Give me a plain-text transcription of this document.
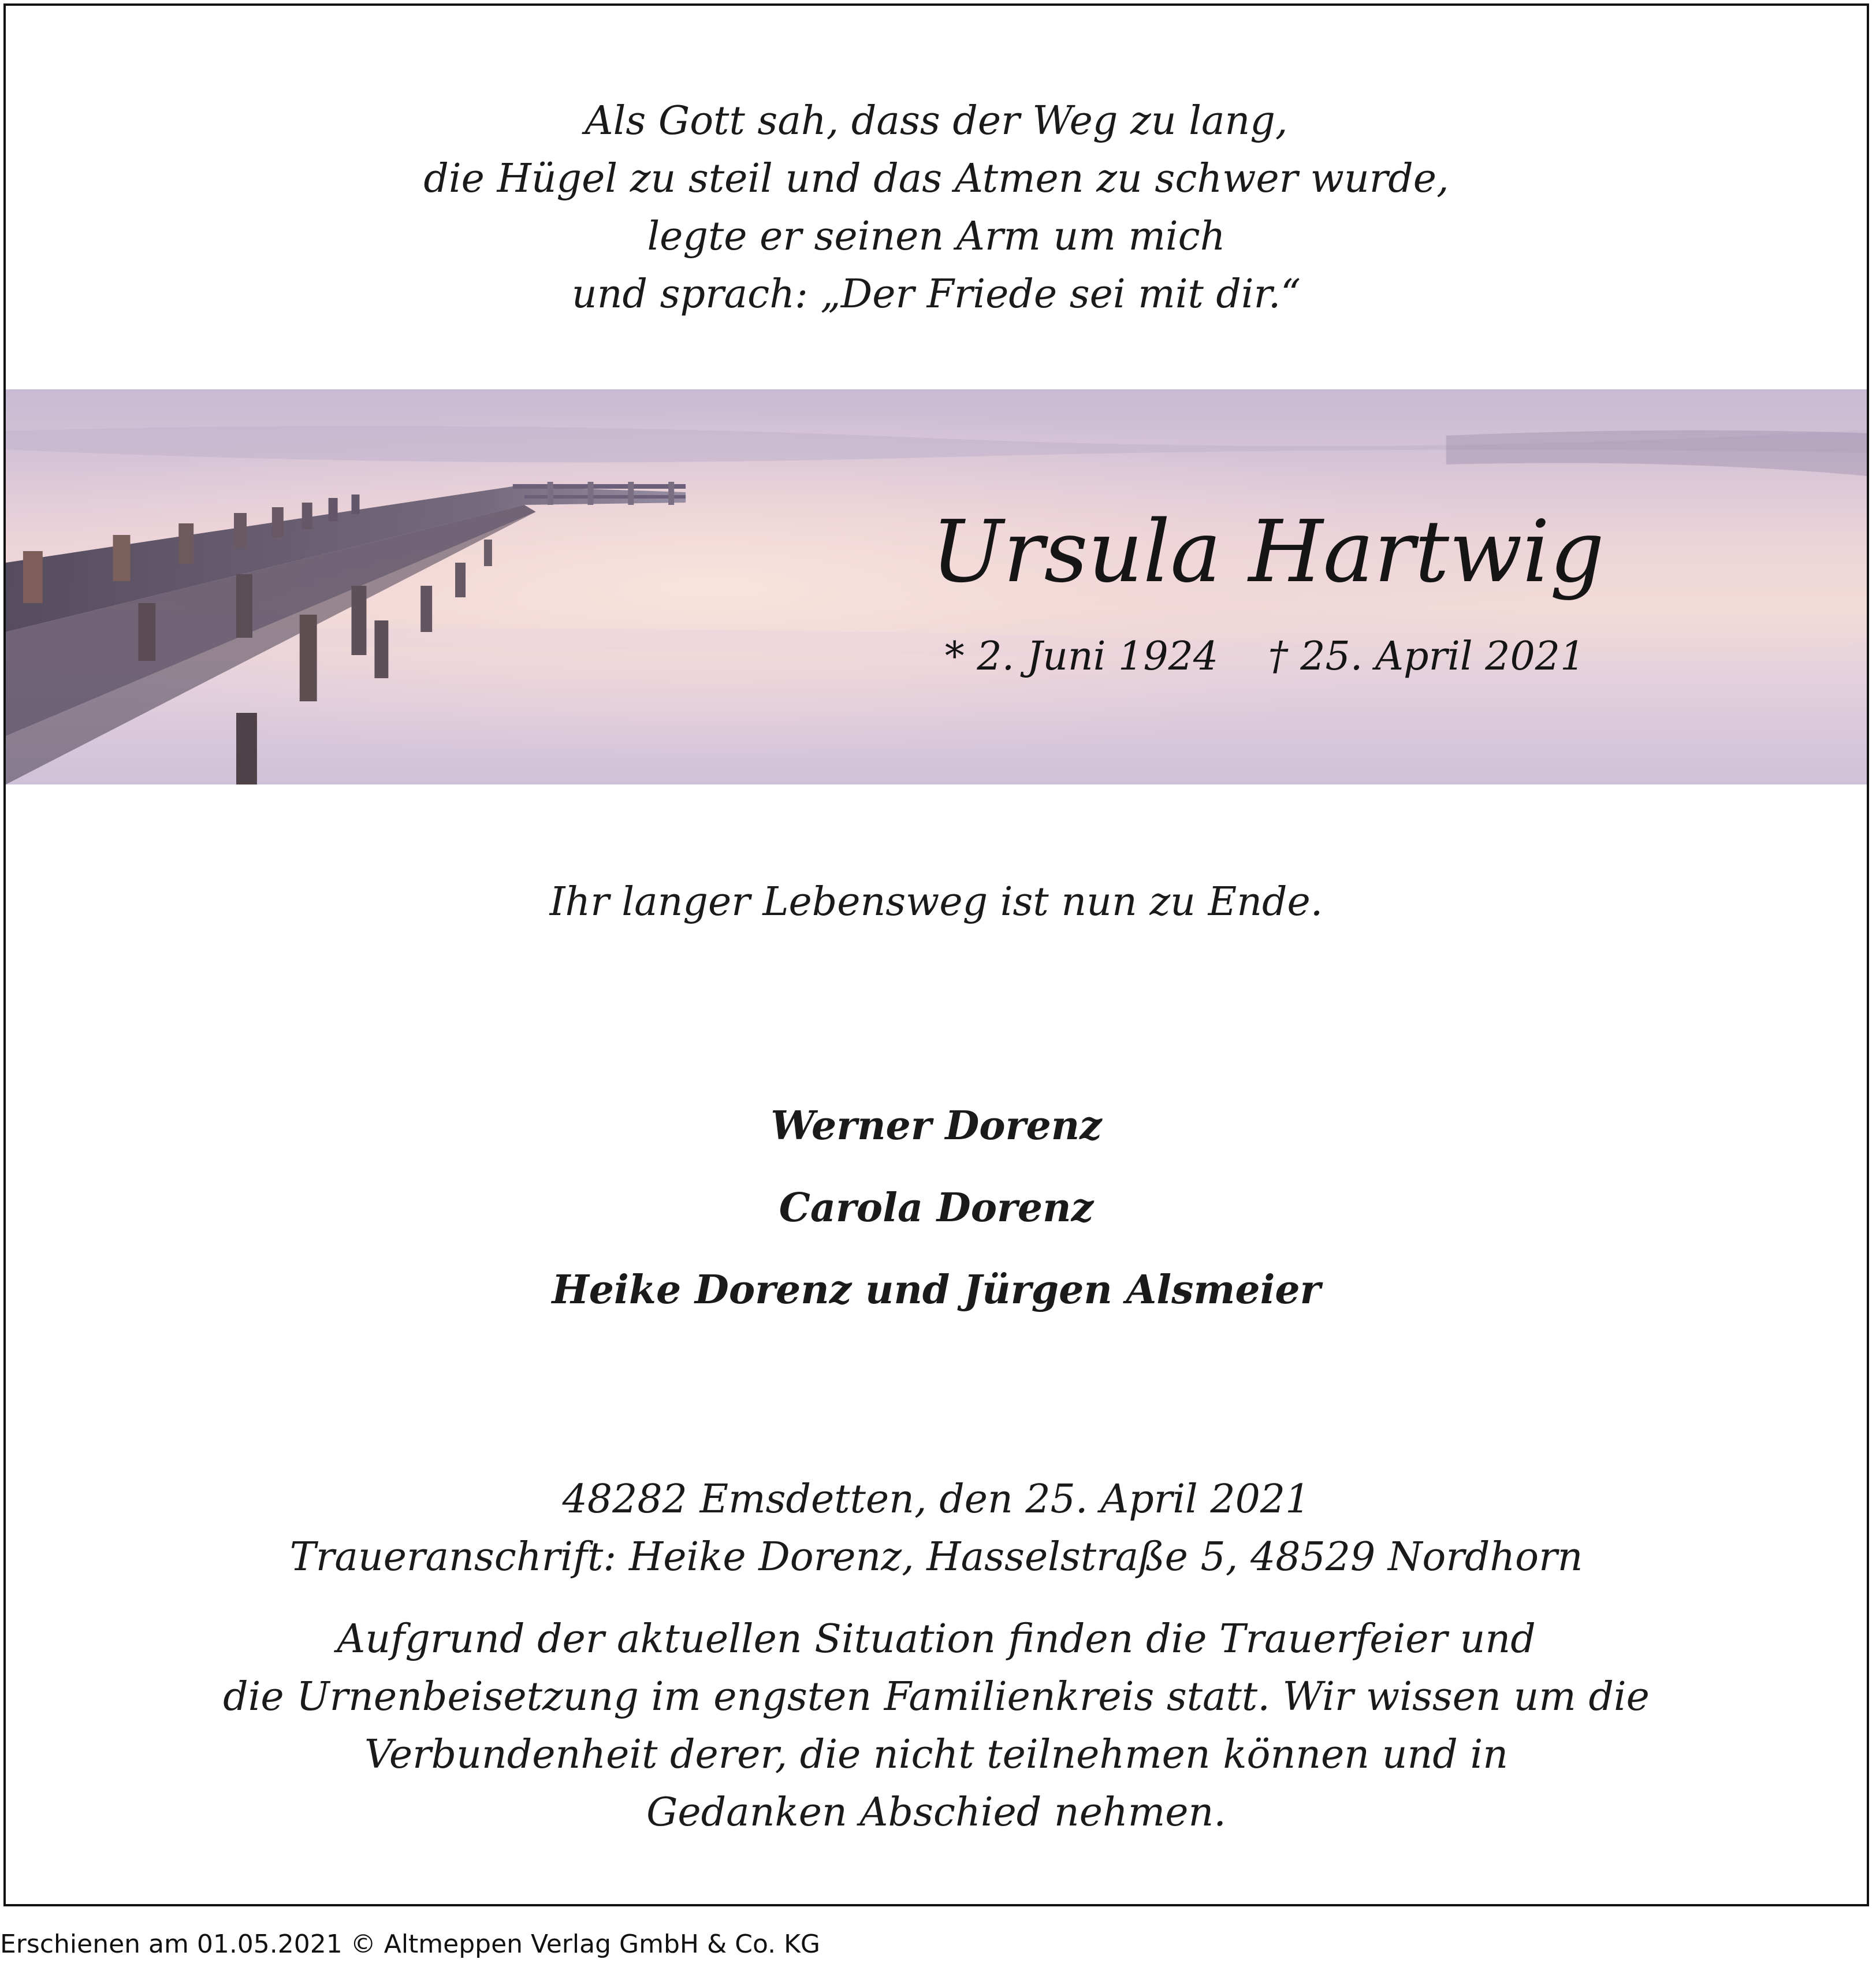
Als Gott sah, dass der Weg zu lang,
die Hügel zu steil und das Atmen zu schwer wurde,
legte er seinen Arm um mich
und sprach: „Der Friede sei mit dir.“
Ursula Hartwig
* 2. Juni 1924    † 25. April 2021
Ihr langer Lebensweg ist nun zu Ende.
Werner Dorenz
Carola Dorenz
Heike Dorenz und Jürgen Alsmeier
48282 Emsdetten, den 25. April 2021
Traueranschrift: Heike Dorenz, Hasselstraße 5, 48529 Nordhorn
Aufgrund der aktuellen Situation finden die Trauerfeier und
die Urnenbeisetzung im engsten Familienkreis statt. Wir wissen um die
Verbundenheit derer, die nicht teilnehmen können und in
Gedanken Abschied nehmen.
Erschienen am 01.05.2021 © Altmeppen Verlag GmbH & Co. KG
